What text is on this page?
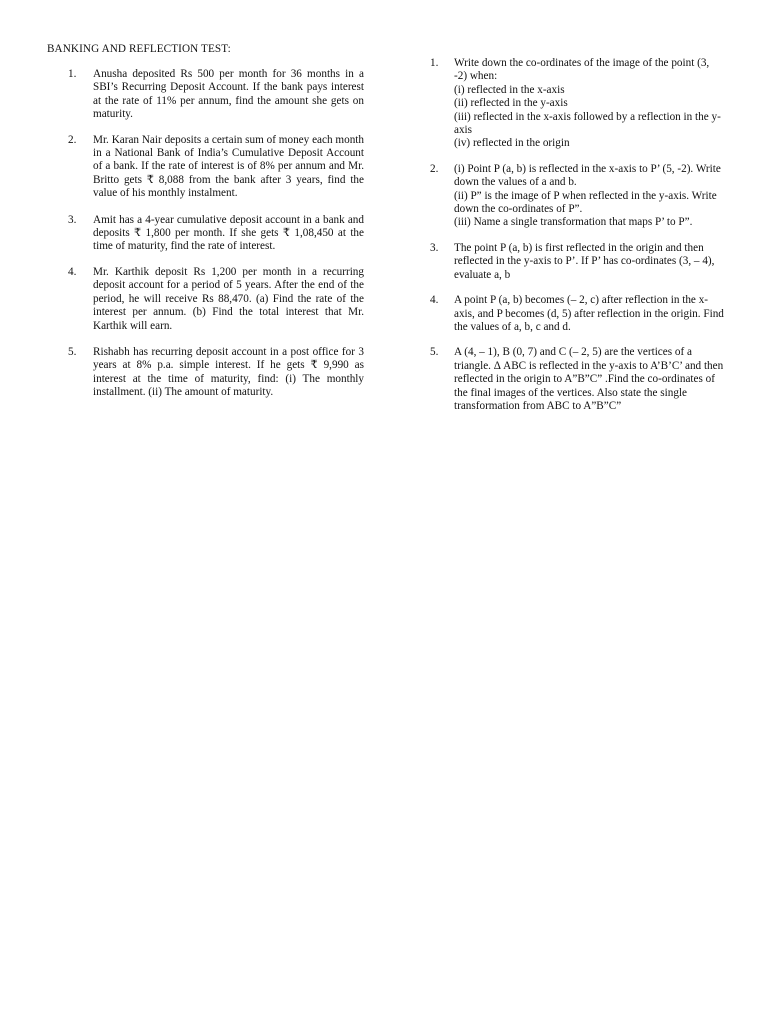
BANKING AND REFLECTION TEST:
1.	Anusha deposited Rs 500 per month for 36 months in a SBI’s Recurring Deposit Account. If the bank pays interest at the rate of 11% per annum, find the amount she gets on maturity.
2.	Mr. Karan Nair deposits a certain sum of money each month in a National Bank of India’s Cumulative Deposit Account of a bank. If the rate of interest is of 8% per annum and Mr. Britto gets ₹ 8,088 from the bank after 3 years, find the value of his monthly instalment.
3.	Amit has a 4-year cumulative deposit account in a bank and deposits ₹ 1,800 per month. If she gets ₹ 1,08,450 at the time of maturity, find the rate of interest.
4.	Mr. Karthik deposit Rs 1,200 per month in a recurring deposit account for a period of 5 years. After the end of the period, he will receive Rs 88,470. (a) Find the rate of the interest per annum. (b) Find the total interest that Mr. Karthik will earn.
5.	Rishabh has recurring deposit account in a post office for 3 years at 8% p.a. simple interest. If he gets ₹ 9,990 as interest at the time of maturity, find: (i) The monthly installment. (ii) The amount of maturity.
1.	Write down the co-ordinates of the image of the point (3, -2) when:
(i) reflected in the x-axis
(ii) reflected in the y-axis
(iii) reflected in the x-axis followed by a reflection in the y-axis
(iv) reflected in the origin
2.	(i) Point P (a, b) is reflected in the x-axis to P’ (5, -2). Write down the values of a and b.
(ii) P” is the image of P when reflected in the y-axis. Write down the co-ordinates of P”.
(iii) Name a single transformation that maps P’ to P”.
3.	The point P (a, b) is first reflected in the origin and then reflected in the y-axis to P’. If P’ has co-ordinates (3, – 4), evaluate a, b
4.	A point P (a, b) becomes (– 2, c) after reflection in the x-axis, and P becomes (d, 5) after reflection in the origin. Find the values of a, b, c and d.
5.	A (4, – 1), B (0, 7) and C (– 2, 5) are the vertices of a triangle. Δ ABC is reflected in the y-axis to A’B’C’ and then reflected in the origin to A”B”C” .Find the co-ordinates of the final images of the vertices. Also state the single transformation from ABC to A”B”C”
